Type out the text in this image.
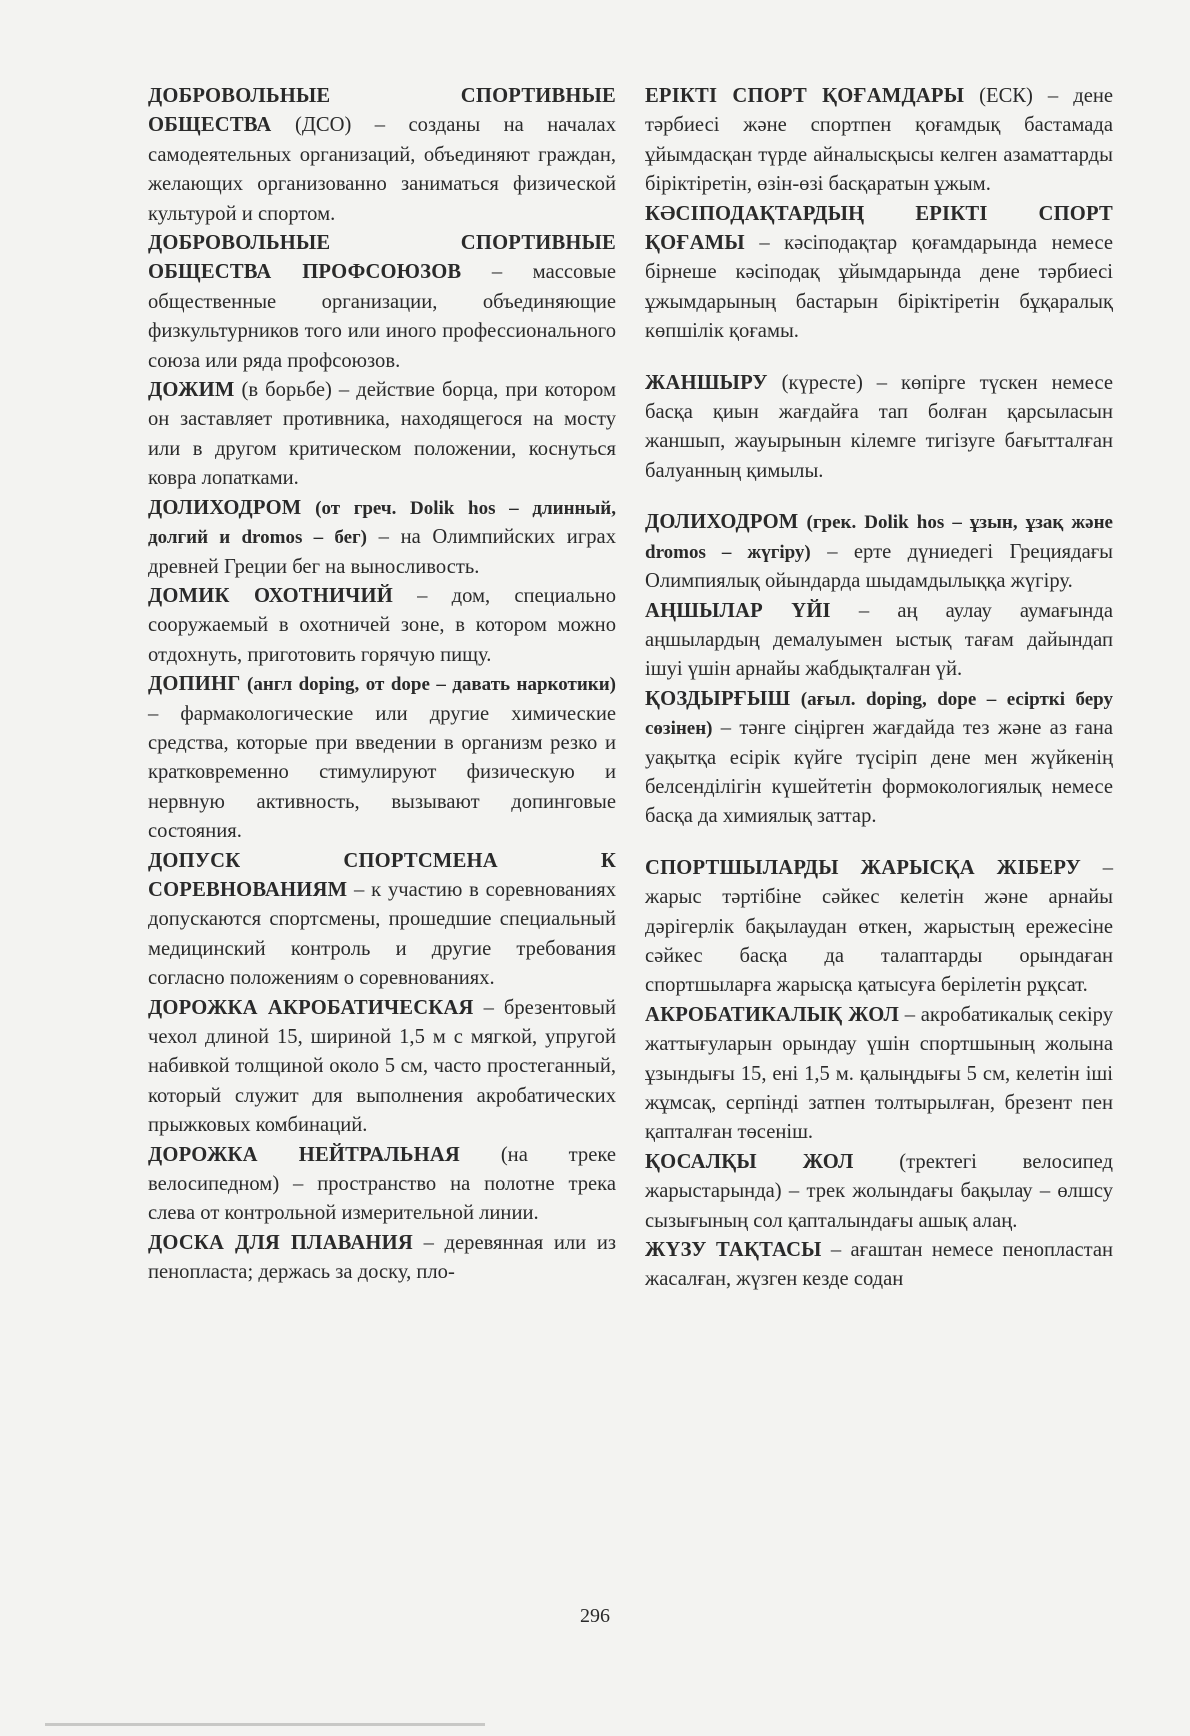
ДОБРОВОЛЬНЫЕ СПОРТИВНЫЕ ОБЩЕСТВА (ДСО) – созданы на началах самодеятельных организаций, объединяют граждан, желающих организованно заниматься физической культурой и спортом.

ДОБРОВОЛЬНЫЕ СПОРТИВНЫЕ ОБЩЕСТВА ПРОФСОЮЗОВ – массовые общественные организации, объединяющие физкультурников того или иного профессионального союза или ряда профсоюзов.

ДОЖИМ (в борьбе) – действие борца, при котором он заставляет противника, находящегося на мосту или в другом критическом положении, коснуться ковра лопатками.

ДОЛИХОДРОМ (от греч. Dolik hos – длинный, долгий и dromos – бег) – на Олимпийских играх древней Греции бег на выносливость.

ДОМИК ОХОТНИЧИЙ – дом, специально сооружаемый в охотничей зоне, в котором можно отдохнуть, приготовить горячую пищу.

ДОПИНГ (англ doping, от dope – давать наркотики) – фармакологические или другие химические средства, которые при введении в организм резко и кратковременно стимулируют физическую и нервную активность, вызывают допинговые состояния.

ДОПУСК СПОРТСМЕНА К СОРЕВНОВАНИЯМ – к участию в соревнованиях допускаются спортсмены, прошедшие специальный медицинский контроль и другие требования согласно положениям о соревнованиях.

ДОРОЖКА АКРОБАТИЧЕСКАЯ – брезентовый чехол длиной 15, шириной 1,5 м с мягкой, упругой набивкой толщиной около 5 см, часто простеганный, который служит для выполнения акробатических прыжковых комбинаций.

ДОРОЖКА НЕЙТРАЛЬНАЯ (на треке велосипедном) – пространство на полотне трека слева от контрольной измерительной линии.

ДОСКА ДЛЯ ПЛАВАНИЯ – деревянная или из пенопласта; держась за доску, пло-

ЕРІКТІ СПОРТ ҚОҒАМДАРЫ (ЕСК) – дене тәрбиесі және спортпен қоғамдық бастамада ұйымдасқан түрде айналысқысы келген азаматтарды біріктіретін, өзін-өзі басқаратын ұжым.

КӘСІПОДАҚТАРДЫҢ ЕРІКТІ СПОРТ ҚОҒАМЫ – кәсіподақтар қоғамдарында немесе бірнеше кәсіподақ ұйымдарында дене тәрбиесі ұжымдарының бастарын біріктіретін бұқаралық көпшілік қоғамы.

ЖАНШЫРУ (күресте) – көпірге түскен немесе басқа қиын жағдайға тап болған қарсыласын жаншып, жауырынын кілемге тигізуге бағытталған балуанның қимылы.

ДОЛИХОДРОМ (грек. Dolik hos – ұзын, ұзақ және dromos – жүгіру) – ерте дүниедегі Грециядағы Олимпиялық ойындарда шыдамдылыққа жүгіру.

АҢШЫЛАР ҮЙІ – аң аулау аумағында аңшылардың демалуымен ыстық тағам дайындап ішуі үшін арнайы жабдықталған үй.

ҚОЗДЫРҒЫШ (ағыл. doping, dope – есірткі беру сөзінен) – тәнге сіңірген жағдайда тез және аз ғана уақытқа есірік күйге түсіріп дене мен жүйкенің белсенділігін күшейтетін формокологиялық немесе басқа да химиялық заттар.

СПОРТШЫЛАРДЫ ЖАРЫСҚА ЖІБЕРУ – жарыс тәртібіне сәйкес келетін және арнайы дәрігерлік бақылаудан өткен, жарыстың ережесіне сәйкес басқа да талаптарды орындаған спортшыларға жарысқа қатысуға берілетін рұқсат.

АКРОБАТИКАЛЫҚ ЖОЛ – акробатикалық секіру жаттығуларын орындау үшін спортшының жолына ұзындығы 15, ені 1,5 м. қалыңдығы 5 см, келетін іші жұмсақ, серпінді затпен толтырылған, брезент пен қапталған төсеніш.

ҚОСАЛҚЫ ЖОЛ (тректегі велосипед жарыстарында) – трек жолындағы бақылау – өлшсу сызығының сол қапталындағы ашық алаң.

ЖҮЗУ ТАҚТАСЫ – ағаштан немесе пенопластан жасалған, жүзген кезде содан

296
